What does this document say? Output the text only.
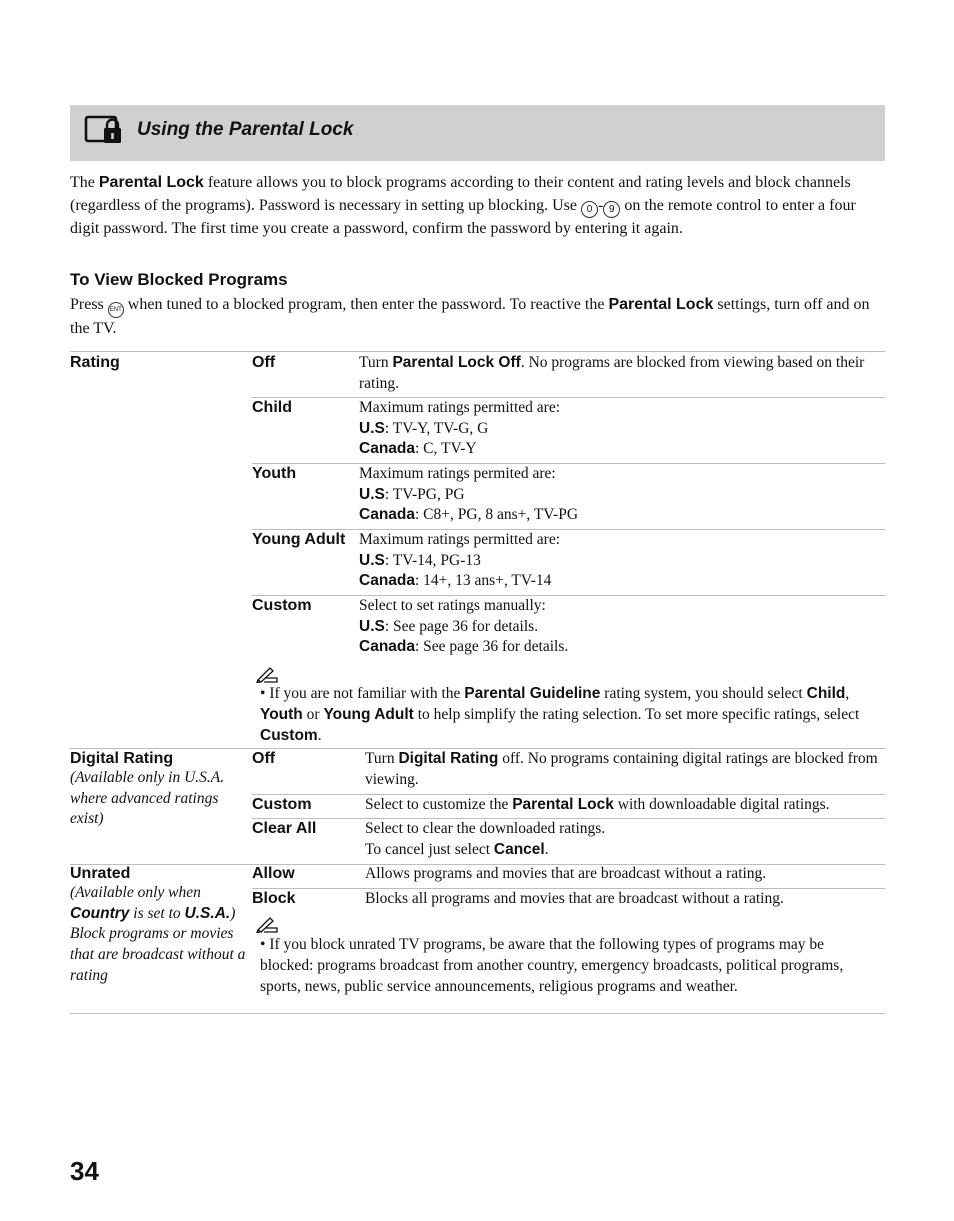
Using the Parental Lock
The Parental Lock feature allows you to block programs according to their content and rating levels and block channels (regardless of the programs). Password is necessary in setting up blocking. Use 0 - 9 on the remote control to enter a four digit password. The first time you create a password, confirm the password by entering it again.
To View Blocked Programs
Press ENT when tuned to a blocked program, then enter the password. To reactive the Parental Lock settings, turn off and on the TV.
Rating	Off	Turn Parental Lock Off. No programs are blocked from viewing based on their rating.
Child	Maximum ratings permitted are:
U.S: TV-Y, TV-G, G
Canada: C, TV-Y
Youth	Maximum ratings permited are:
U.S: TV-PG, PG
Canada: C8+, PG, 8 ans+, TV-PG
Young Adult Maximum ratings permitted are:
U.S: TV-14, PG-13
Canada: 14+, 13 ans+, TV-14
Custom	Select to set ratings manually:
U.S: See page 36 for details.
Canada: See page 36 for details.
• If you are not familiar with the Parental Guideline rating system, you should select Child, Youth or Young Adult to help simplify the rating selection. To set more specific ratings, select Custom.
Digital Rating
(Available only in U.S.A. where advanced ratings exist)
Off	Turn Digital Rating off. No programs containing digital ratings are blocked from viewing.
Custom	Select to customize the Parental Lock with downloadable digital ratings.
Clear All	Select to clear the downloaded ratings.
To cancel just select Cancel.
Unrated
(Available only when Country is set to U.S.A.)
Block programs or movies that are broadcast without a rating
Allow	Allows programs and movies that are broadcast without a rating.
Block	Blocks all programs and movies that are broadcast without a rating.
• If you block unrated TV programs, be aware that the following types of programs may be blocked: programs broadcast from another country, emergency broadcasts, political programs, sports, news, public service announcements, religious programs and weather.
34
